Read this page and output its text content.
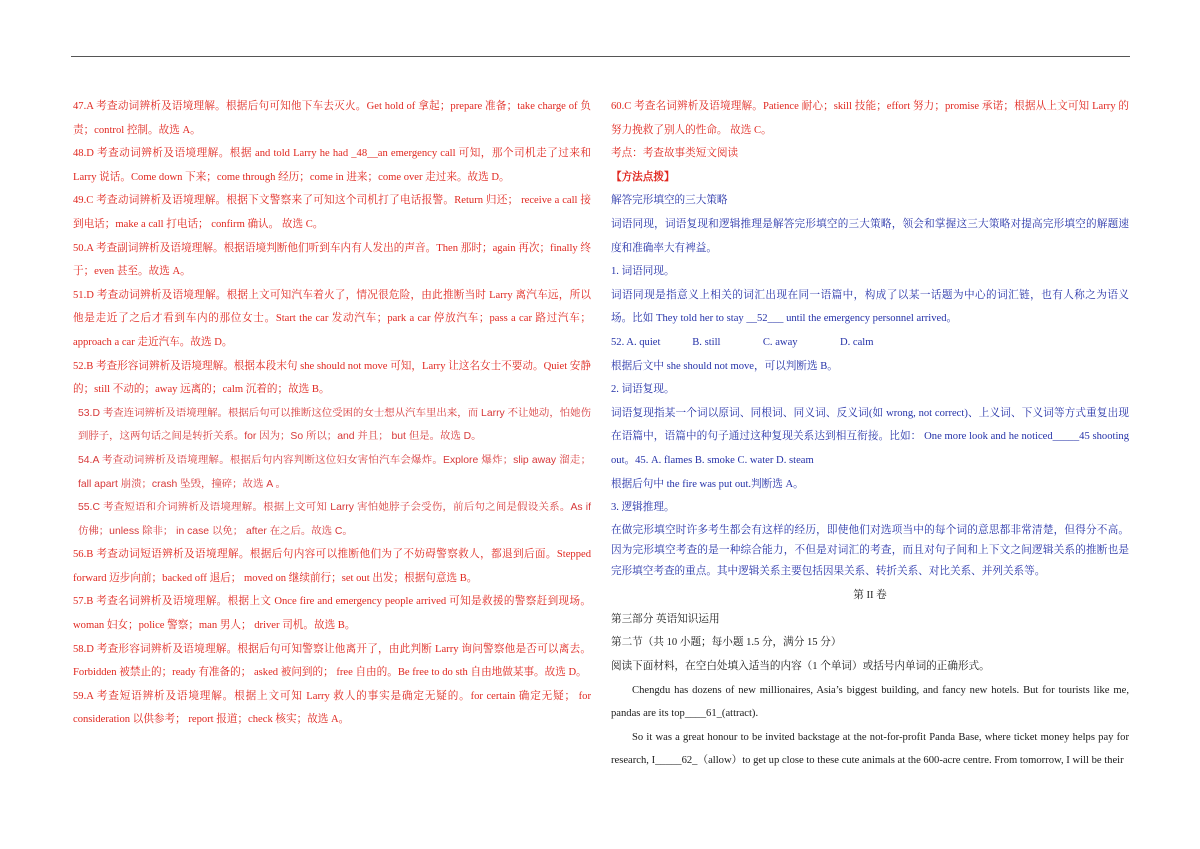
47.A 考查动词辨析及语境理解。根据后句可知他下车去灭火。Get hold of 拿起；prepare 准备；take charge of 负责；control 控制。故选 A。

48.D 考查动词辨析及语境理解。根据 and told Larry he had _48__an emergency call 可知，那个司机走了过来和 Larry 说话。Come down 下来；come through 经历；come in 进来；come over 走过来。故选 D。

49.C 考查动词辨析及语境理解。根据下文警察来了可知这个司机打了电话报警。Return 归还； receive a call 接到电话；make a call 打电话； confirm 确认。 故选 C。

50.A 考查副词辨析及语境理解。根据语境判断他们听到车内有人发出的声音。Then 那时；again 再次；finally 终于；even 甚至。故选 A。

51.D 考查动词辨析及语境理解。根据上文可知汽车着火了，情况很危险，由此推断当时 Larry 离汽车远，所以他是走近了之后才看到车内的那位女士。Start the car 发动汽车；park a car 停放汽车；pass a car 路过汽车；approach a car 走近汽车。故选 D。

52.B 考查形容词辨析及语境理解。根据本段末句 she should not move 可知，Larry 让这名女士不要动。Quiet 安静的；still 不动的；away 远离的；calm 沉着的；故选 B。

53.D 考查连词辨析及语境理解。根据后句可以推断这位受困的女士想从汽车里出来，而 Larry 不让她动，怕她伤到脖子，这两句话之间是转折关系。for 因为；So 所以；and 并且； but 但是。故选 D。

54.A 考查动词辨析及语境理解。根据后句内容判断这位妇女害怕汽车会爆炸。Explore 爆炸；slip away 溜走；fall apart 崩溃；crash 坠毁，撞碎；故选 A 。

55.C 考查短语和介词辨析及语境理解。根据上文可知 Larry 害怕她脖子会受伤，前后句之间是假设关系。As if 仿佛；unless 除非； in case 以免； after 在之后。故选 C。

56.B 考查动词短语辨析及语境理解。根据后句内容可以推断他们为了不妨碍警察救人，都退到后面。Stepped forward 迈步向前；backed off 退后； moved on 继续前行；set out 出发；根据句意选 B。

57.B 考查名词辨析及语境理解。根据上文 Once fire and emergency people arrived 可知是救援的警察赶到现场。woman 妇女；police 警察；man 男人； driver 司机。故选 B。

58.D 考查形容词辨析及语境理解。根据后句可知警察让他离开了，由此判断 Larry 询问警察他是否可以离去。Forbidden 被禁止的；ready 有准备的； asked 被问到的； free 自由的。Be free to do sth 自由地做某事。故选 D。

59.A 考查短语辨析及语境理解。根据上文可知 Larry 救人的事实是确定无疑的。for certain 确定无疑； for consideration 以供参考； report 报道；check 核实；故选 A。

60.C 考查名词辨析及语境理解。Patience 耐心；skill 技能；effort 努力；promise 承诺；根据从上文可知 Larry 的努力挽救了别人的性命。 故选 C。

考点：考查故事类短文阅读

【方法点拨】

解答完形填空的三大策略

词语同现，词语复现和逻辑推理是解答完形填空的三大策略，领会和掌握这三大策略对提高完形填空的解题速度和准确率大有裨益。

1. 词语同现。

词语同现是指意义上相关的词汇出现在同一语篇中，构成了以某一话题为中心的词汇链，也有人称之为语义场。比如 They told her to stay __52___ until the emergency personnel arrived。

52. A. quiet            B. still                C. away                D. calm

根据后文中 she should not move，可以判断选 B。

2. 词语复现。

词语复现指某一个词以原词、同根词、同义词、反义词(如 wrong, not correct)、上义词、下义词等方式重复出现在语篇中，语篇中的句子通过这种复现关系达到相互衔接。比如： One more look and he noticed_____45 shooting out。45. A. flames B. smoke C. water D. steam

根据后句中 the fire was put out.判断选 A。

3. 逻辑推理。

在做完形填空时许多考生都会有这样的经历，即使他们对选项当中的每个词的意思都非常清楚，但得分不高。因为完形填空考查的是一种综合能力，不但是对词汇的考查，而且对句子间和上下文之间逻辑关系的推断也是完形填空考查的重点。其中逻辑关系主要包括因果关系、转折关系、对比关系、并列关系等。

第 II 卷

第三部分 英语知识运用

第二节（共 10 小题；每小题 1.5 分，满分 15 分）

阅读下面材料，在空白处填入适当的内容（1 个单词）或括号内单词的正确形式。

Chengdu has dozens of new millionaires, Asia’s biggest building, and fancy new hotels. But for tourists like me, pandas are its top____61_(attract).

So it was a great honour to be invited backstage at the not-for-profit Panda Base, where ticket money helps pay for research, I_____62_（allow）to get up close to these cute animals at the 600-acre centre. From tomorrow, I will be their
